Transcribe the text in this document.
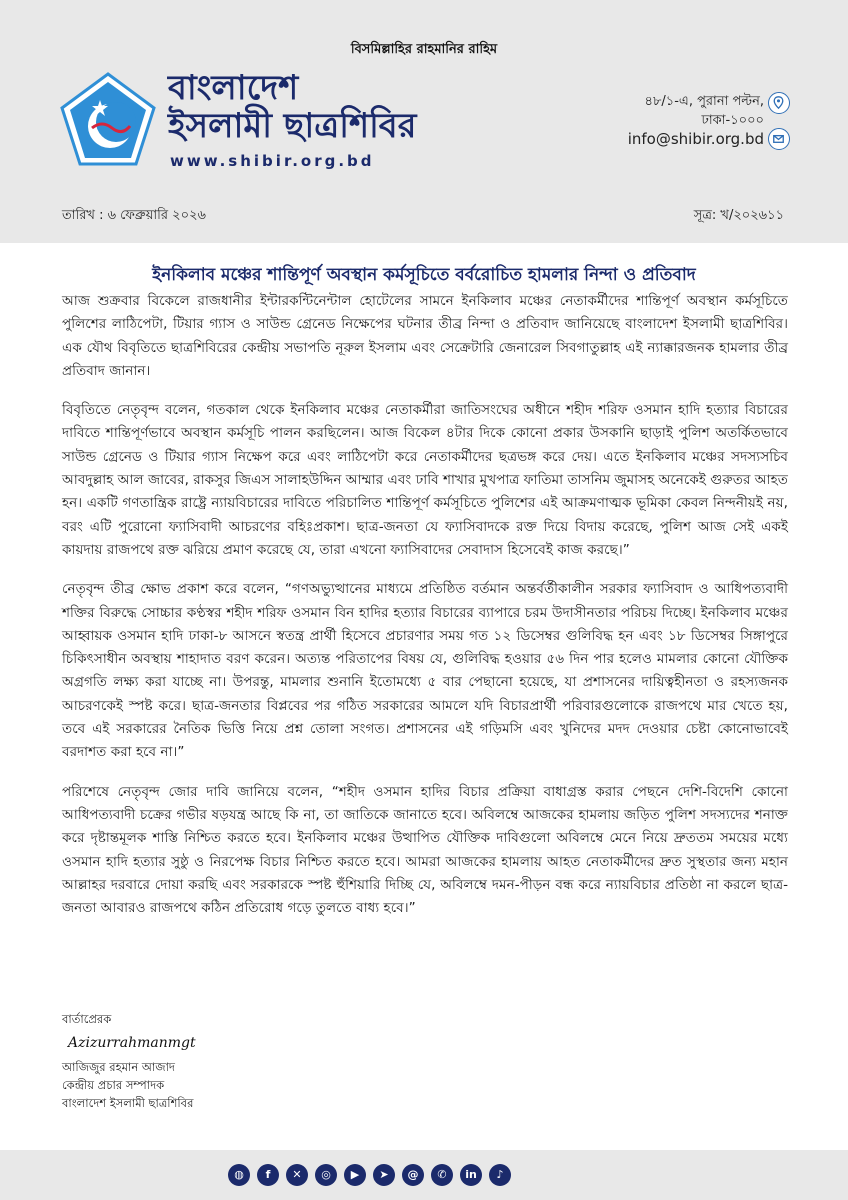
বিসমিল্লাহির রাহমানির রাহিম
বাংলাদেশ
ইসলামী ছাত্রশিবির
www.shibir.org.bd
৪৮/১-এ, পুরানা পল্টন,
ঢাকা-১০০০
info@shibir.org.bd
তারিখ : ৬ ফেব্রুয়ারি ২০২৬	সূত্র: খ/২০২৬১১
ইনকিলাব মঞ্চের শান্তিপূর্ণ অবস্থান কর্মসূচিতে বর্বরোচিত হামলার নিন্দা ও প্রতিবাদ

আজ শুক্রবার বিকেলে রাজধানীর ইন্টারকন্টিনেন্টাল হোটেলের সামনে ইনকিলাব মঞ্চের নেতাকর্মীদের শান্তিপূর্ণ অবস্থান কর্মসূচিতে পুলিশের লাঠিপেটা, টিয়ার গ্যাস ও সাউন্ড গ্রেনেড নিক্ষেপের ঘটনার তীব্র নিন্দা ও প্রতিবাদ জানিয়েছে বাংলাদেশ ইসলামী ছাত্রশিবির। এক যৌথ বিবৃতিতে ছাত্রশিবিরের কেন্দ্রীয় সভাপতি নূরুল ইসলাম এবং সেক্রেটারি জেনারেল সিবগাতুল্লাহ এই ন্যাক্কারজনক হামলার তীব্র প্রতিবাদ জানান।

বিবৃতিতে নেতৃবৃন্দ বলেন, গতকাল থেকে ইনকিলাব মঞ্চের নেতাকর্মীরা জাতিসংঘের অধীনে শহীদ শরিফ ওসমান হাদি হত্যার বিচারের দাবিতে শান্তিপূর্ণভাবে অবস্থান কর্মসূচি পালন করছিলেন। আজ বিকেল ৪টার দিকে কোনো প্রকার উসকানি ছাড়াই পুলিশ অতর্কিতভাবে সাউন্ড গ্রেনেড ও টিয়ার গ্যাস নিক্ষেপ করে এবং লাঠিপেটা করে নেতাকর্মীদের ছত্রভঙ্গ করে দেয়। এতে ইনকিলাব মঞ্চের সদস্যসচিব আবদুল্লাহ আল জাবের, রাকসুর জিএস সালাহউদ্দিন আম্মার এবং ঢাবি শাখার মুখপাত্র ফাতিমা তাসনিম জুমাসহ অনেকেই গুরুতর আহত হন। একটি গণতান্ত্রিক রাষ্ট্রে ন্যায়বিচারের দাবিতে পরিচালিত শান্তিপূর্ণ কর্মসূচিতে পুলিশের এই আক্রমণাত্মক ভূমিকা কেবল নিন্দনীয়ই নয়, বরং এটি পুরোনো ফ্যাসিবাদী আচরণের বহিঃপ্রকাশ। ছাত্র-জনতা যে ফ্যাসিবাদকে রক্ত দিয়ে বিদায় করেছে, পুলিশ আজ সেই একই কায়দায় রাজপথে রক্ত ঝরিয়ে প্রমাণ করেছে যে, তারা এখনো ফ্যাসিবাদের সেবাদাস হিসেবেই কাজ করছে।”

নেতৃবৃন্দ তীব্র ক্ষোভ প্রকাশ করে বলেন, “গণঅভ্যুত্থানের মাধ্যমে প্রতিষ্ঠিত বর্তমান অন্তর্বর্তীকালীন সরকার ফ্যাসিবাদ ও আধিপত্যবাদী শক্তির বিরুদ্ধে সোচ্চার কণ্ঠস্বর শহীদ শরিফ ওসমান বিন হাদির হত্যার বিচারের ব্যাপারে চরম উদাসীনতার পরিচয় দিচ্ছে। ইনকিলাব মঞ্চের আহ্বায়ক ওসমান হাদি ঢাকা-৮ আসনে স্বতন্ত্র প্রার্থী হিসেবে প্রচারণার সময় গত ১২ ডিসেম্বর গুলিবিদ্ধ হন এবং ১৮ ডিসেম্বর সিঙ্গাপুরে চিকিৎসাধীন অবস্থায় শাহাদাত বরণ করেন। অত্যন্ত পরিতাপের বিষয় যে, গুলিবিদ্ধ হওয়ার ৫৬ দিন পার হলেও মামলার কোনো যৌক্তিক অগ্রগতি লক্ষ্য করা যাচ্ছে না। উপরন্তু, মামলার শুনানি ইতোমধ্যে ৫ বার পেছানো হয়েছে, যা প্রশাসনের দায়িত্বহীনতা ও রহস্যজনক আচরণকেই স্পষ্ট করে। ছাত্র-জনতার বিপ্লবের পর গঠিত সরকারের আমলে যদি বিচারপ্রার্থী পরিবারগুলোকে রাজপথে মার খেতে হয়, তবে এই সরকারের নৈতিক ভিত্তি নিয়ে প্রশ্ন তোলা সংগত। প্রশাসনের এই গড়িমসি এবং খুনিদের মদদ দেওয়ার চেষ্টা কোনোভাবেই বরদাশত করা হবে না।”

পরিশেষে নেতৃবৃন্দ জোর দাবি জানিয়ে বলেন, “শহীদ ওসমান হাদির বিচার প্রক্রিয়া বাধাগ্রস্ত করার পেছনে দেশি-বিদেশি কোনো আধিপত্যবাদী চক্রের গভীর ষড়যন্ত্র আছে কি না, তা জাতিকে জানাতে হবে। অবিলম্বে আজকের হামলায় জড়িত পুলিশ সদস্যদের শনাক্ত করে দৃষ্টান্তমূলক শাস্তি নিশ্চিত করতে হবে। ইনকিলাব মঞ্চের উত্থাপিত যৌক্তিক দাবিগুলো অবিলম্বে মেনে নিয়ে দ্রুততম সময়ের মধ্যে ওসমান হাদি হত্যার সুষ্ঠু ও নিরপেক্ষ বিচার নিশ্চিত করতে হবে। আমরা আজকের হামলায় আহত নেতাকর্মীদের দ্রুত সুস্থতার জন্য মহান আল্লাহর দরবারে দোয়া করছি এবং সরকারকে স্পষ্ট হুঁশিয়ারি দিচ্ছি যে, অবিলম্বে দমন-পীড়ন বন্ধ করে ন্যায়বিচার প্রতিষ্ঠা না করলে ছাত্র-জনতা আবারও রাজপথে কঠিন প্রতিরোধ গড়ে তুলতে বাধ্য হবে।”

বার্তাপ্রেরক
Azizurrahmanmgt
আজিজুর রহমান আজাদ
কেন্দ্রীয় প্রচার সম্পাদক
বাংলাদেশ ইসলামী ছাত্রশিবির
◍	f	✕	◎	▶	➤	@	✆	in	♪
